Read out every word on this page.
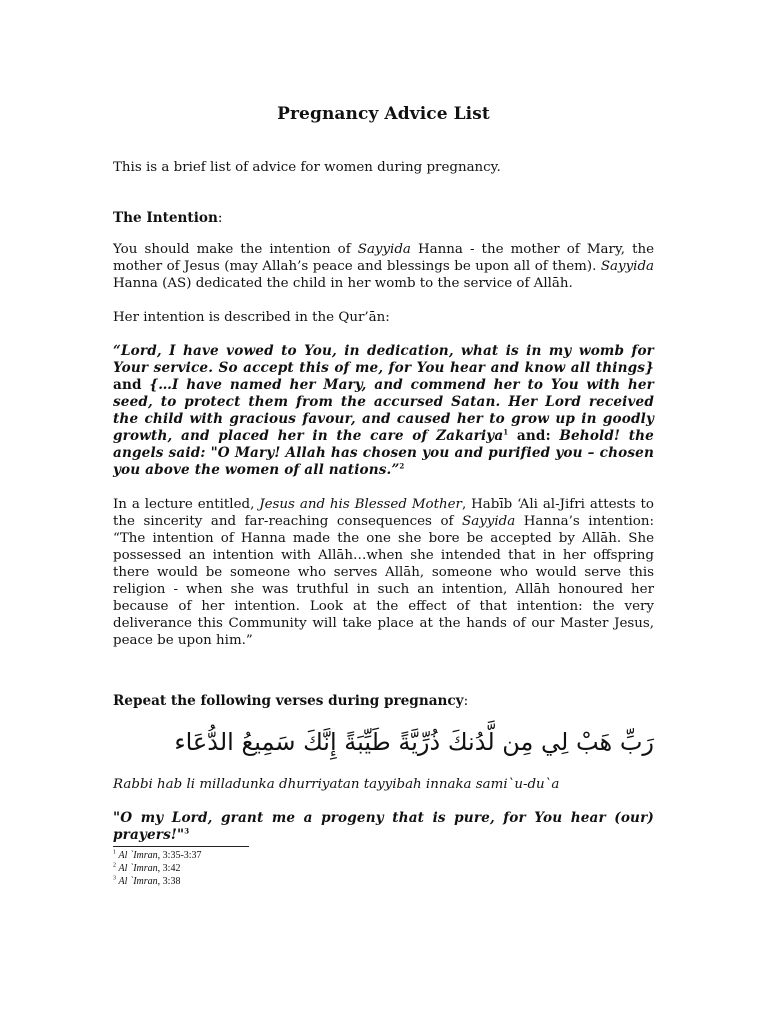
Pregnancy Advice List

This is a brief list of advice for women during pregnancy.

The Intention:

You should make the intention of Sayyida Hanna - the mother of Mary, the mother of Jesus (may Allah’s peace and blessings be upon all of them). Sayyida Hanna (AS) dedicated the child in her womb to the service of Allāh.

Her intention is described in the Qur’ān:

“Lord, I have vowed to You, in dedication, what is in my womb for Your service. So accept this of me, for You hear and know all things} and {…I have named her Mary, and commend her to You with her seed, to protect them from the accursed Satan. Her Lord received the child with gracious favour, and caused her to grow up in goodly growth, and placed her in the care of Zakariya$^1$ and: Behold! the angels said: "O Mary! Allah has chosen you and purified you – chosen you above the women of all nations.”$^2$

In a lecture entitled, Jesus and his Blessed Mother, Habīb ‘Ali al-Jifri attests to the sincerity and far-reaching consequences of Sayyida Hanna’s intention: “The intention of Hanna made the one she bore be accepted by Allāh. She possessed an intention with Allāh…when she intended that in her offspring there would be someone who serves Allāh, someone who would serve this religion - when she was truthful in such an intention, Allāh honoured her because of her intention. Look at the effect of that intention: the very deliverance this Community will take place at the hands of our Master Jesus, peace be upon him.”

Repeat the following verses during pregnancy:

رَبِّ هَبْ لِي مِن لَّدُنكَ ذُرِّيَّةً طَيِّبَةً إِنَّكَ سَمِيعُ الدُّعَاء

Rabbi hab li milladunka dhurriyatan tayyibah innaka sami`u-du`a

"O my Lord, grant me a progeny that is pure, for You hear (our) prayers!"$^3$

$^1$ Al `Imran, 3:35-3:37
$^2$ Al `Imran, 3:42
$^3$ Al `Imran, 3:38
